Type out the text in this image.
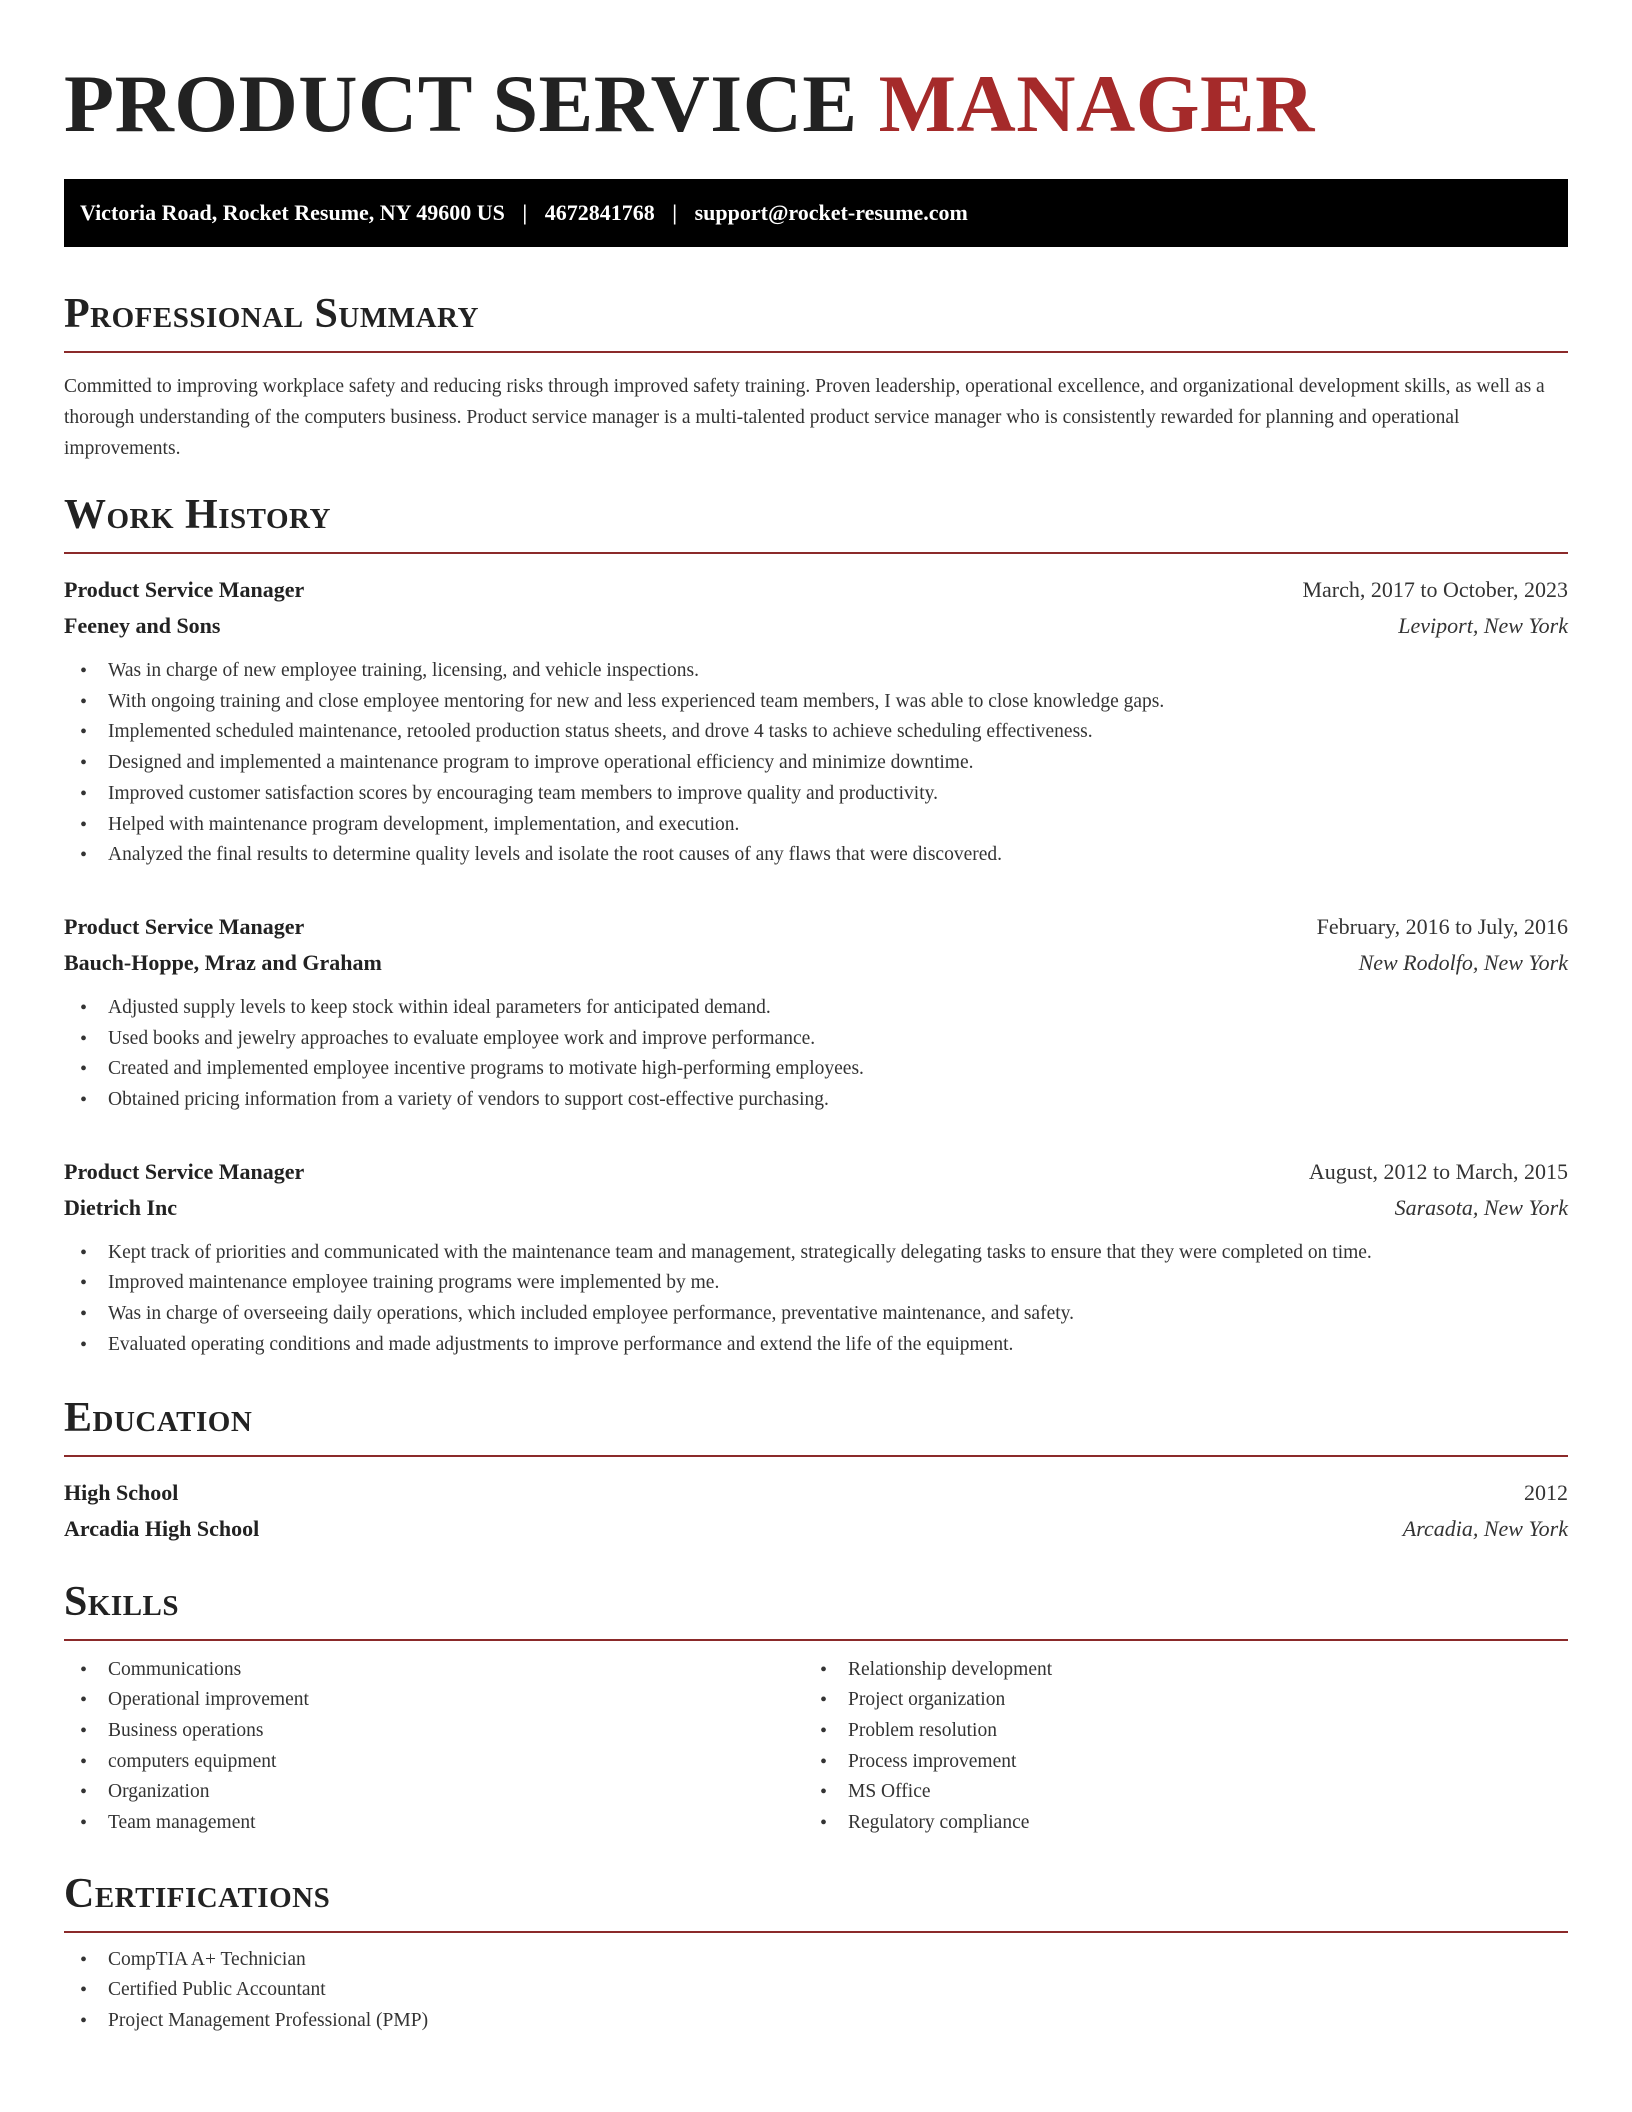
PRODUCT SERVICE MANAGER
Victoria Road, Rocket Resume, NY 49600 US | 4672841768 | support@rocket-resume.com
Professional Summary

Committed to improving workplace safety and reducing risks through improved safety training. Proven leadership, operational excellence, and organizational development skills, as well as a thorough understanding of the computers business. Product service manager is a multi-talented product service manager who is consistently rewarded for planning and operational improvements.

Work History
Product Service Manager	March, 2017 to October, 2023
Feeney and Sons	Leviport, New York
• Was in charge of new employee training, licensing, and vehicle inspections.
• With ongoing training and close employee mentoring for new and less experienced team members, I was able to close knowledge gaps.
• Implemented scheduled maintenance, retooled production status sheets, and drove 4 tasks to achieve scheduling effectiveness.
• Designed and implemented a maintenance program to improve operational efficiency and minimize downtime.
• Improved customer satisfaction scores by encouraging team members to improve quality and productivity.
• Helped with maintenance program development, implementation, and execution.
• Analyzed the final results to determine quality levels and isolate the root causes of any flaws that were discovered.
Product Service Manager	February, 2016 to July, 2016
Bauch-Hoppe, Mraz and Graham	New Rodolfo, New York
• Adjusted supply levels to keep stock within ideal parameters for anticipated demand.
• Used books and jewelry approaches to evaluate employee work and improve performance.
• Created and implemented employee incentive programs to motivate high-performing employees.
• Obtained pricing information from a variety of vendors to support cost-effective purchasing.
Product Service Manager	August, 2012 to March, 2015
Dietrich Inc	Sarasota, New York
• Kept track of priorities and communicated with the maintenance team and management, strategically delegating tasks to ensure that they were completed on time.
• Improved maintenance employee training programs were implemented by me.
• Was in charge of overseeing daily operations, which included employee performance, preventative maintenance, and safety.
• Evaluated operating conditions and made adjustments to improve performance and extend the life of the equipment.
Education
High School	2012
Arcadia High School	Arcadia, New York
Skills
• Communications
• Operational improvement
• Business operations
• computers equipment
• Organization
• Team management
• Relationship development
• Project organization
• Problem resolution
• Process improvement
• MS Office
• Regulatory compliance
Certifications
• CompTIA A+ Technician
• Certified Public Accountant
• Project Management Professional (PMP)
